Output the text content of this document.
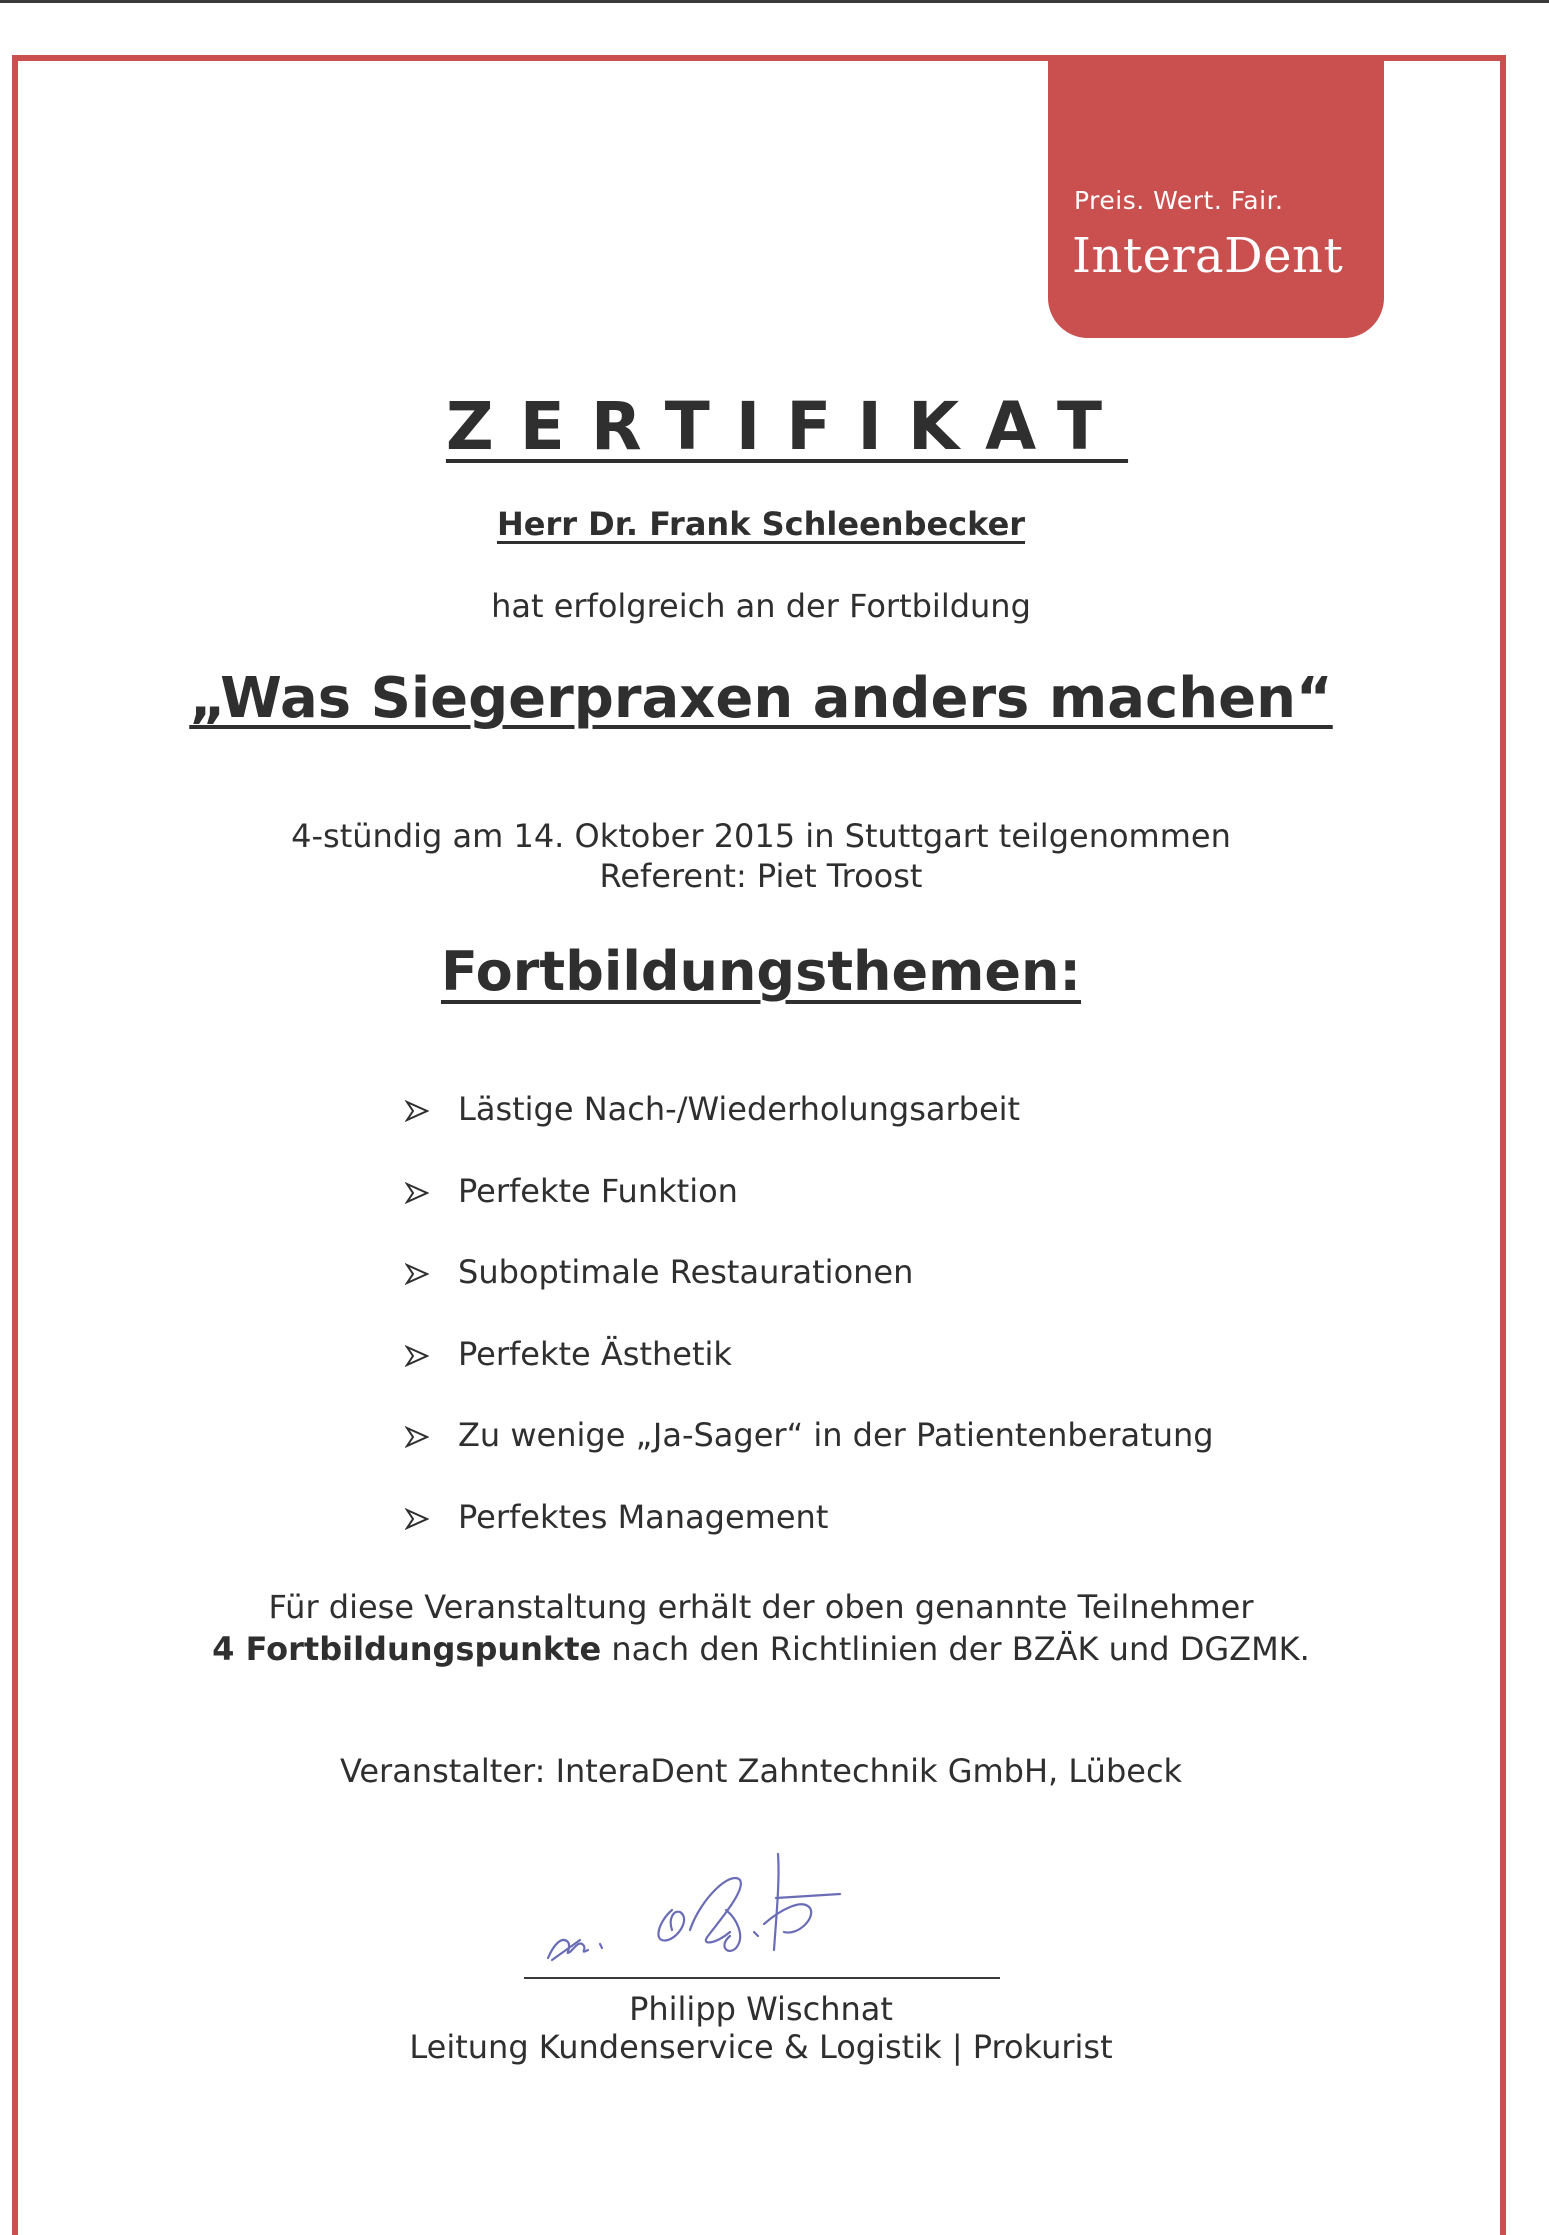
Preis. Wert. Fair.
InteraDent
ZERTIFIKAT
Herr Dr. Frank Schleenbecker
hat erfolgreich an der Fortbildung
„Was Siegerpraxen anders machen“
4-stündig am 14. Oktober 2015 in Stuttgart teilgenommen
Referent: Piet Troost
Fortbildungsthemen:
Lästige Nach-/Wiederholungsarbeit
Perfekte Funktion
Suboptimale Restaurationen
Perfekte Ästhetik
Zu wenige „Ja-Sager“ in der Patientenberatung
Perfektes Management
Für diese Veranstaltung erhält der oben genannte Teilnehmer
4 Fortbildungspunkte nach den Richtlinien der BZÄK und DGZMK.
Veranstalter: InteraDent Zahntechnik GmbH, Lübeck
Philipp Wischnat
Leitung Kundenservice & Logistik | Prokurist
